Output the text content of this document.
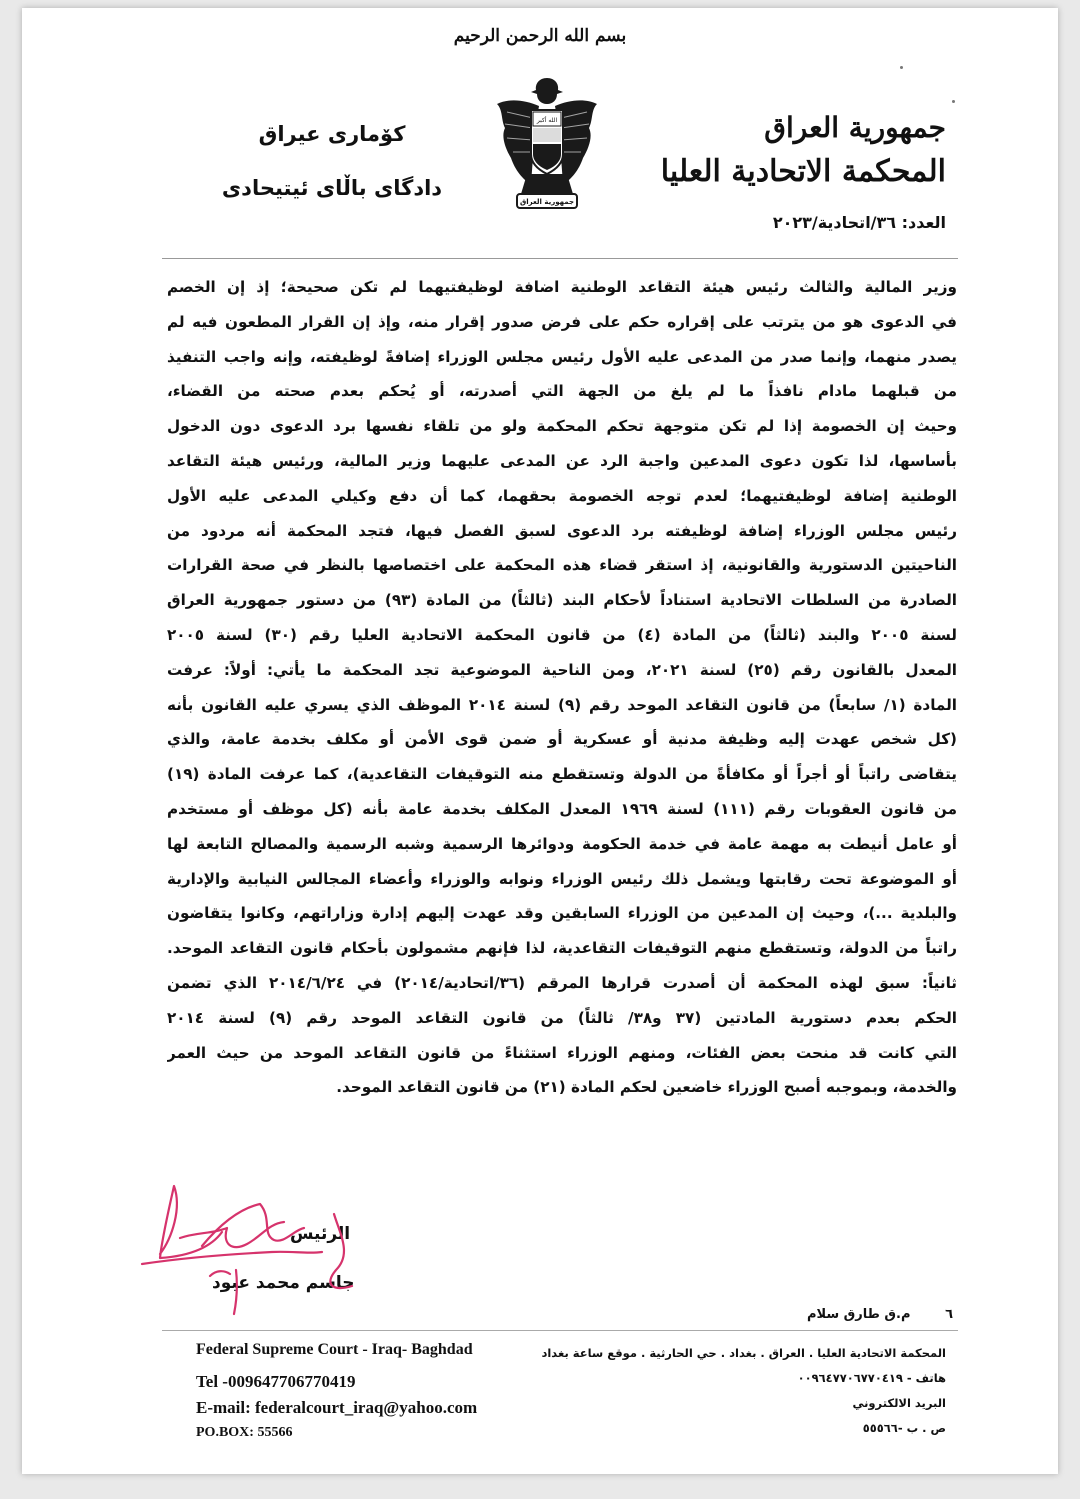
بسم الله الرحمن الرحيم
جمهورية العراق
المحكمة الاتحادية العليا
العدد: ٣٦/اتحادية/٢٠٢٣
كۆمارى عيراق
دادگاى باڵاى ئيتيحادى
الله أكبر
جمهورية العراق
وزير المالية والثالث رئيس هيئة التقاعد الوطنية اضافة لوظيفتيهما لم تكن صحيحة؛ إذ إن الخصم
في الدعوى هو من يترتب على إقراره حكم على فرض صدور إقرار منه، وإذ إن القرار المطعون فيه لم
يصدر منهما، وإنما صدر من المدعى عليه الأول رئيس مجلس الوزراء إضافةً لوظيفته، وإنه واجب التنفيذ
من قبلهما مادام نافذاً ما لم يلغ من الجهة التي أصدرته، أو يُحكم بعدم صحته من القضاء،
وحيث إن الخصومة إذا لم تكن متوجهة تحكم المحكمة ولو من تلقاء نفسها برد الدعوى دون الدخول
بأساسها، لذا تكون دعوى المدعين واجبة الرد عن المدعى عليهما وزير المالية، ورئيس هيئة التقاعد
الوطنية إضافة لوظيفتيهما؛ لعدم توجه الخصومة بحقهما، كما أن دفع وكيلي المدعى عليه الأول
رئيس مجلس الوزراء إضافة لوظيفته برد الدعوى لسبق الفصل فيها، فتجد المحكمة أنه مردود من
الناحيتين الدستورية والقانونية، إذ استقر قضاء هذه المحكمة على اختصاصها بالنظر في صحة القرارات
الصادرة من السلطات الاتحادية استناداً لأحكام البند (ثالثاً) من المادة (٩٣) من دستور جمهورية العراق
لسنة ٢٠٠٥ والبند (ثالثاً) من المادة (٤) من قانون المحكمة الاتحادية العليا رقم (٣٠) لسنة ٢٠٠٥
المعدل بالقانون رقم (٢٥) لسنة ٢٠٢١، ومن الناحية الموضوعية تجد المحكمة ما يأتي: أولاً: عرفت
المادة (١/ سابعاً) من قانون التقاعد الموحد رقم (٩) لسنة ٢٠١٤ الموظف الذي يسري عليه القانون بأنه
(كل شخص عهدت إليه وظيفة مدنية أو عسكرية أو ضمن قوى الأمن أو مكلف بخدمة عامة، والذي
يتقاضى راتباً أو أجراً أو مكافأةً من الدولة وتستقطع منه التوقيفات التقاعدية)، كما عرفت المادة (١٩)
من قانون العقوبات رقم (١١١) لسنة ١٩٦٩ المعدل المكلف بخدمة عامة بأنه (كل موظف أو مستخدم
أو عامل أنيطت به مهمة عامة في خدمة الحكومة ودوائرها الرسمية وشبه الرسمية والمصالح التابعة لها
أو الموضوعة تحت رقابتها ويشمل ذلك رئيس الوزراء ونوابه والوزراء وأعضاء المجالس النيابية والإدارية
والبلدية ...)، وحيث إن المدعين من الوزراء السابقين وقد عهدت إليهم إدارة وزاراتهم، وكانوا يتقاضون
راتباً من الدولة، وتستقطع منهم التوقيفات التقاعدية، لذا فإنهم مشمولون بأحكام قانون التقاعد الموحد.
ثانياً: سبق لهذه المحكمة أن أصدرت قرارها المرقم (٣٦/اتحادية/٢٠١٤) في ٢٠١٤/٦/٢٤ الذي تضمن
الحكم بعدم دستورية المادتين (٣٧ و٣٨/ ثالثاً) من قانون التقاعد الموحد رقم (٩) لسنة ٢٠١٤
التي كانت قد منحت بعض الفئات، ومنهم الوزراء استثناءً من قانون التقاعد الموحد من حيث العمر
والخدمة، وبموجبه أصبح الوزراء خاضعين لحكم المادة (٢١) من قانون التقاعد الموحد.
الرئيس
جاسم محمد عبود
٦ م.ق طارق سلام
Federal Supreme Court - Iraq- Baghdad
Tel -009647706770419
E-mail: federalcourt_iraq@yahoo.com
PO.BOX: 55566
المحكمة الاتحادية العليا . العراق . بغداد . حي الحارثية . موقع ساعة بغداد
هاتف - ٠٠٩٦٤٧٧٠٦٧٧٠٤١٩
البريد الالكتروني
ص . ب -٥٥٥٦٦
